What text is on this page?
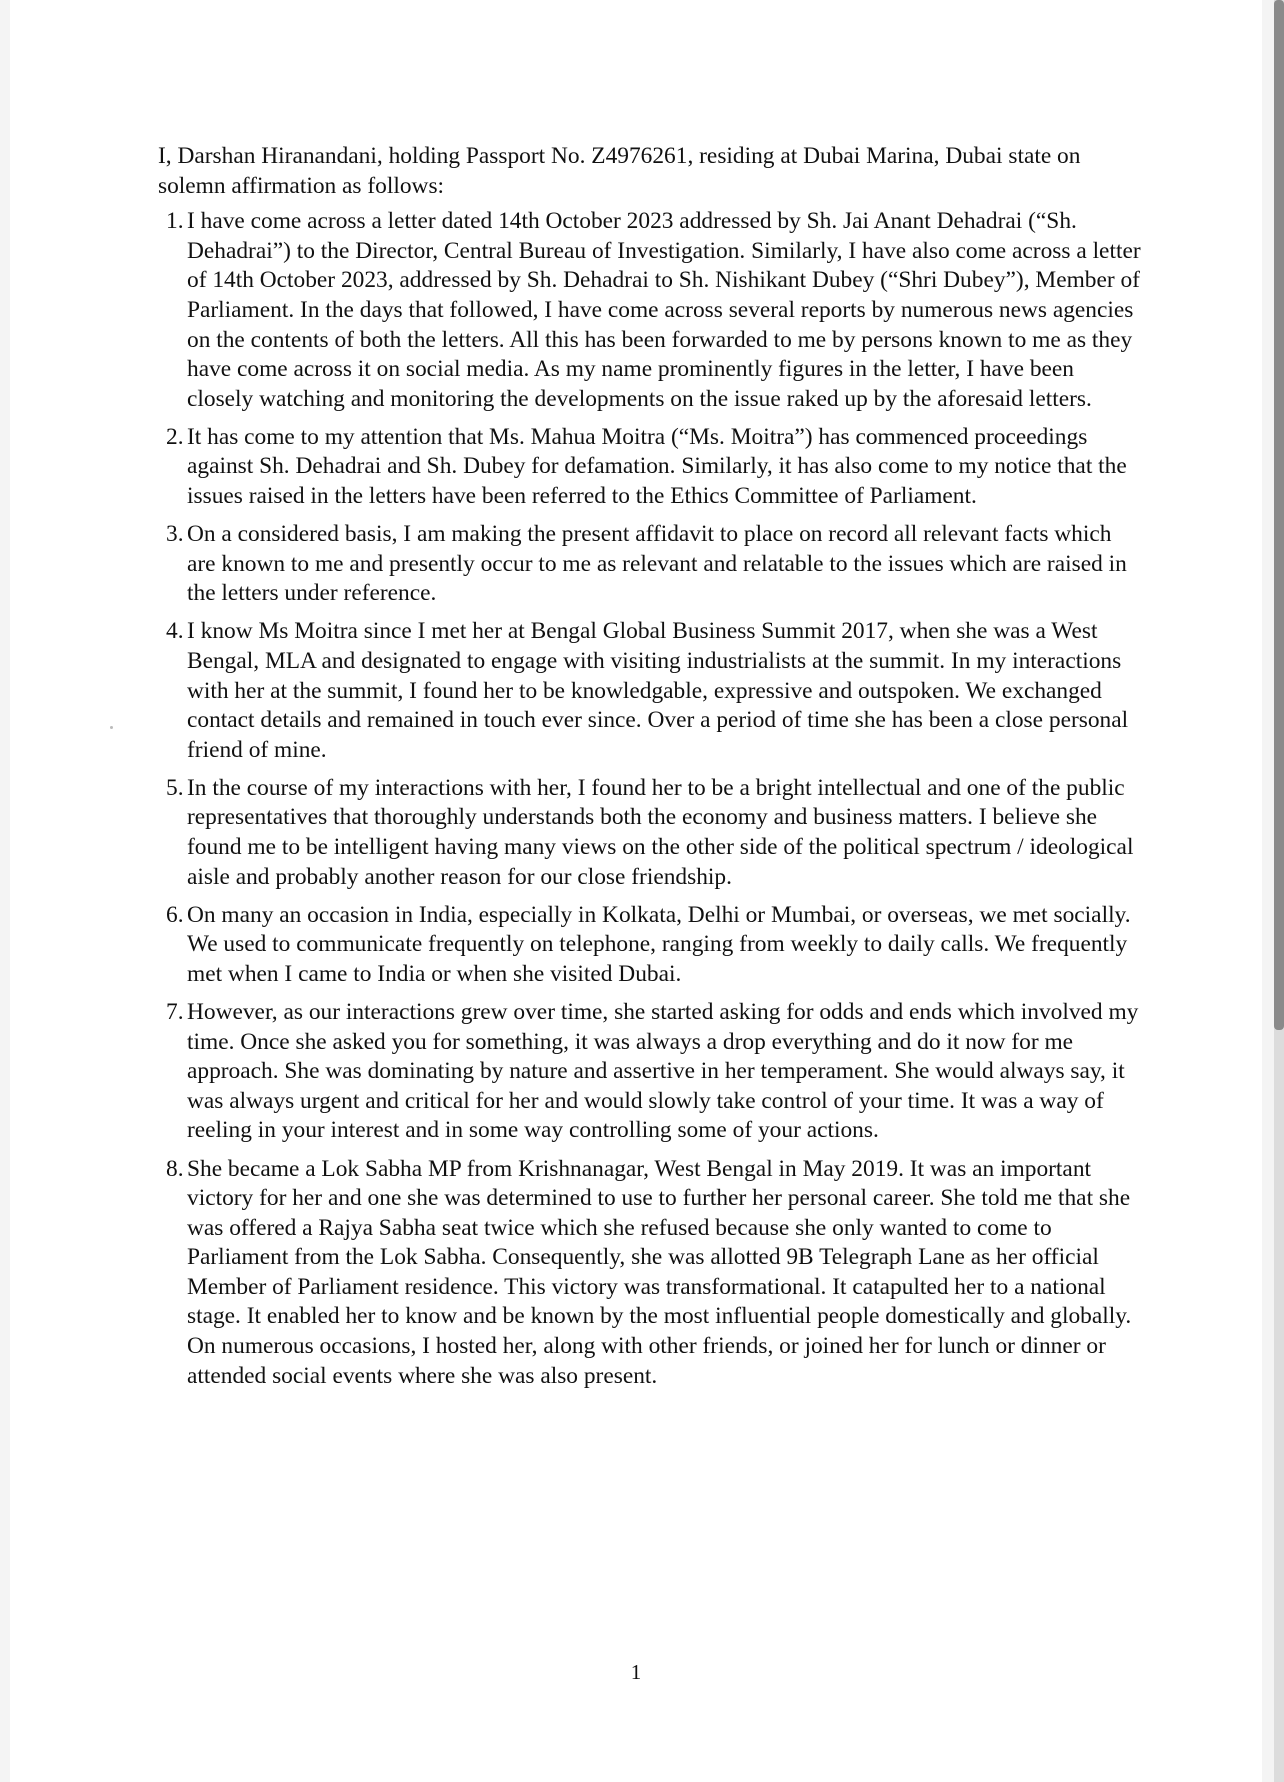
I, Darshan Hiranandani, holding Passport No. Z4976261, residing at Dubai Marina, Dubai state on solemn affirmation as follows:

1. I have come across a letter dated 14th October 2023 addressed by Sh. Jai Anant Dehadrai (“Sh. Dehadrai”) to the Director, Central Bureau of Investigation. Similarly, I have also come across a letter of 14th October 2023, addressed by Sh. Dehadrai to Sh. Nishikant Dubey (“Shri Dubey”), Member of Parliament. In the days that followed, I have come across several reports by numerous news agencies on the contents of both the letters. All this has been forwarded to me by persons known to me as they have come across it on social media. As my name prominently figures in the letter, I have been closely watching and monitoring the developments on the issue raked up by the aforesaid letters.
2. It has come to my attention that Ms. Mahua Moitra (“Ms. Moitra”) has commenced proceedings against Sh. Dehadrai and Sh. Dubey for defamation. Similarly, it has also come to my notice that the issues raised in the letters have been referred to the Ethics Committee of Parliament.
3. On a considered basis, I am making the present affidavit to place on record all relevant facts which are known to me and presently occur to me as relevant and relatable to the issues which are raised in the letters under reference.
4. I know Ms Moitra since I met her at Bengal Global Business Summit 2017, when she was a West Bengal, MLA and designated to engage with visiting industrialists at the summit. In my interactions with her at the summit, I found her to be knowledgable, expressive and outspoken. We exchanged contact details and remained in touch ever since. Over a period of time she has been a close personal friend of mine.
5. In the course of my interactions with her, I found her to be a bright intellectual and one of the public representatives that thoroughly understands both the economy and business matters. I believe she found me to be intelligent having many views on the other side of the political spectrum / ideological aisle and probably another reason for our close friendship.
6. On many an occasion in India, especially in Kolkata, Delhi or Mumbai, or overseas, we met socially. We used to communicate frequently on telephone, ranging from weekly to daily calls. We frequently met when I came to India or when she visited Dubai.
7. However, as our interactions grew over time, she started asking for odds and ends which involved my time. Once she asked you for something, it was always a drop everything and do it now for me approach. She was dominating by nature and assertive in her temperament. She would always say, it was always urgent and critical for her and would slowly take control of your time. It was a way of reeling in your interest and in some way controlling some of your actions.
8. She became a Lok Sabha MP from Krishnanagar, West Bengal in May 2019. It was an important victory for her and one she was determined to use to further her personal career. She told me that she was offered a Rajya Sabha seat twice which she refused because she only wanted to come to Parliament from the Lok Sabha. Consequently, she was allotted 9B Telegraph Lane as her official Member of Parliament residence. This victory was transformational. It catapulted her to a national stage. It enabled her to know and be known by the most influential people domestically and globally. On numerous occasions, I hosted her, along with other friends, or joined her for lunch or dinner or attended social events where she was also present.
1
